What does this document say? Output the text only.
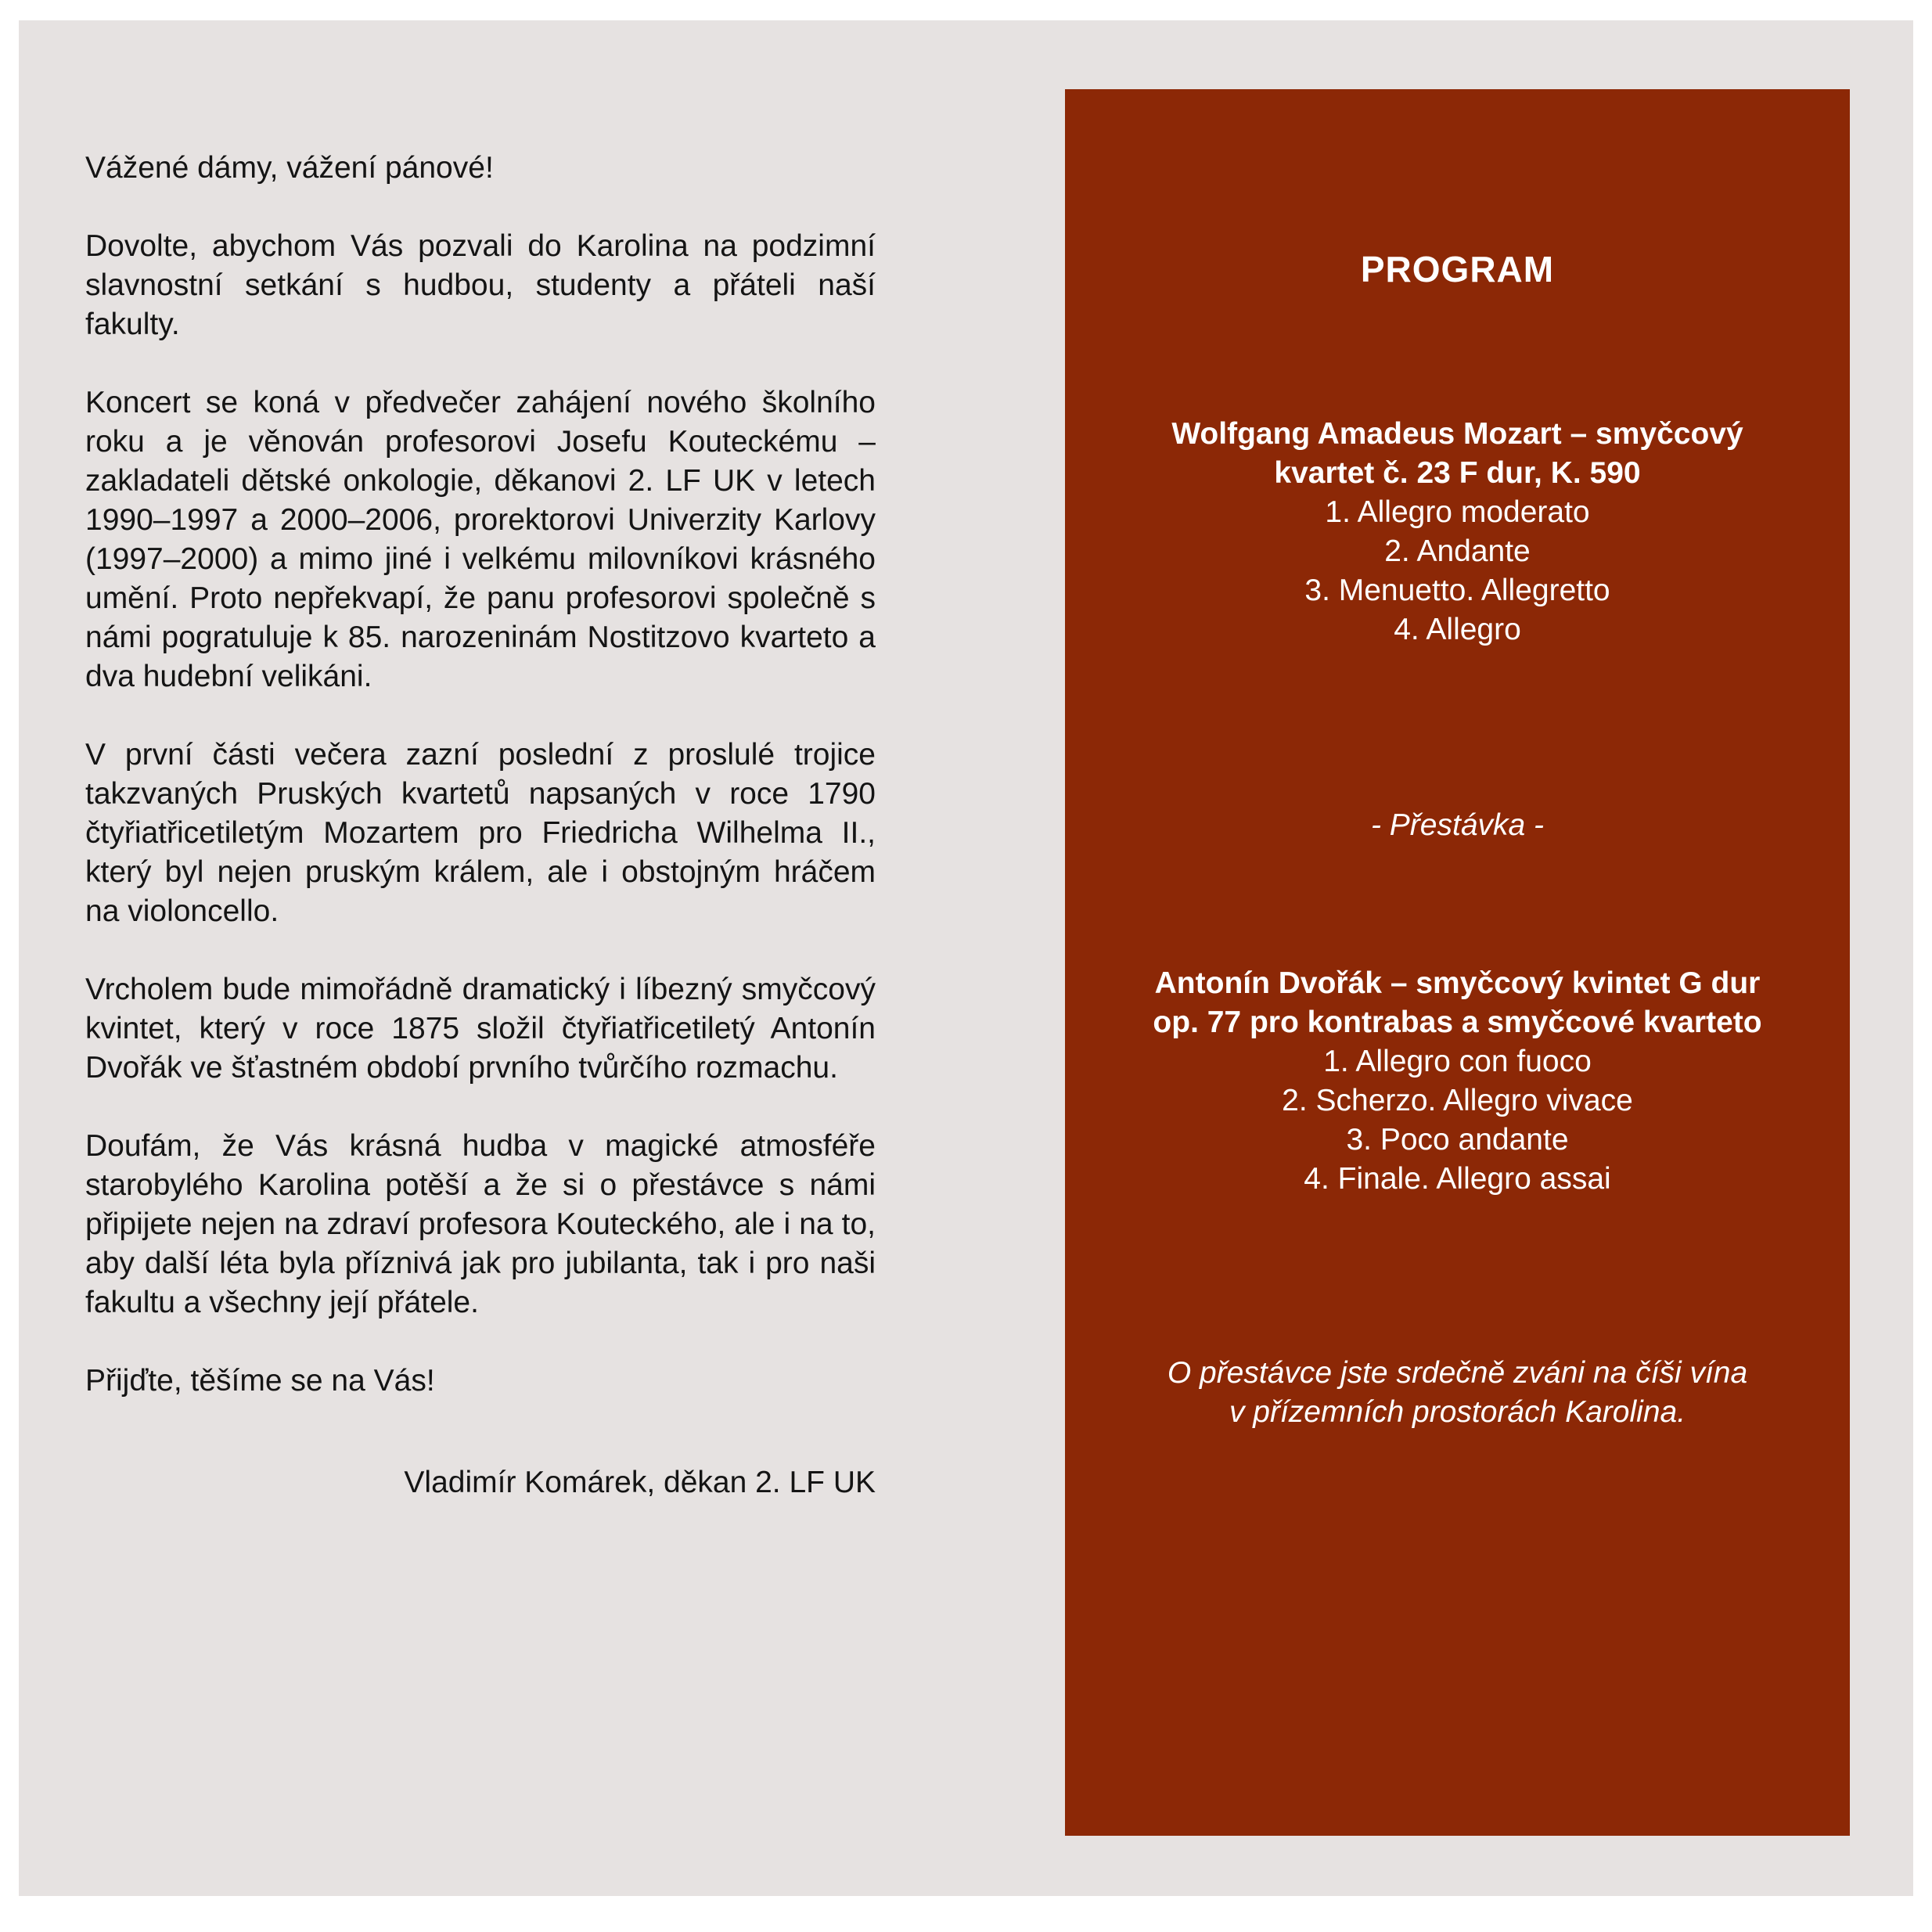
Vážené dámy, vážení pánové!

Dovolte, abychom Vás pozvali do Karolina na podzimní slavnostní setkání s hudbou, studenty a přáteli naší fakulty.

Koncert se koná v předvečer zahájení nového školního roku a je věnován profesorovi Josefu Kouteckému – zakladateli dětské onkologie, děkanovi 2. LF UK v letech 1990–1997 a 2000–2006, prorektorovi Univerzity Karlovy (1997–2000) a mimo jiné i velkému milovníkovi krásného umění. Proto nepřekvapí, že panu profesorovi společně s námi pogratuluje k 85. narozeninám Nostitzovo kvarteto a dva hudební velikáni.

V první části večera zazní poslední z proslulé trojice takzvaných Pruských kvartetů napsaných v roce 1790 čtyřiatřicetiletým Mozartem pro Friedricha Wilhelma II., který byl nejen pruským králem, ale i obstojným hráčem na violoncello.

Vrcholem bude mimořádně dramatický i líbezný smyčcový kvintet, který v roce 1875 složil čtyřiatřicetiletý Antonín Dvořák ve šťastném období prvního tvůrčího rozmachu.

Doufám, že Vás krásná hudba v magické atmosféře starobylého Karolina potěší a že si o přestávce s námi připijete nejen na zdraví profesora Kouteckého, ale i na to, aby další léta byla příznivá jak pro jubilanta, tak i pro naši fakultu a všechny její přátele.

Přijďte, těšíme se na Vás!

Vladimír Komárek, děkan 2. LF UK

PROGRAM
Wolfgang Amadeus Mozart – smyčcový
kvartet č. 23 F dur, K. 590
1. Allegro moderato
2. Andante
3. Menuetto. Allegretto
4. Allegro
- Přestávka -
Antonín Dvořák – smyčcový kvintet G dur
op. 77 pro kontrabas a smyčcové kvarteto
1. Allegro con fuoco
2. Scherzo. Allegro vivace
3. Poco andante
4. Finale. Allegro assai
O přestávce jste srdečně zváni na číši vína
v přízemních prostorách Karolina.
